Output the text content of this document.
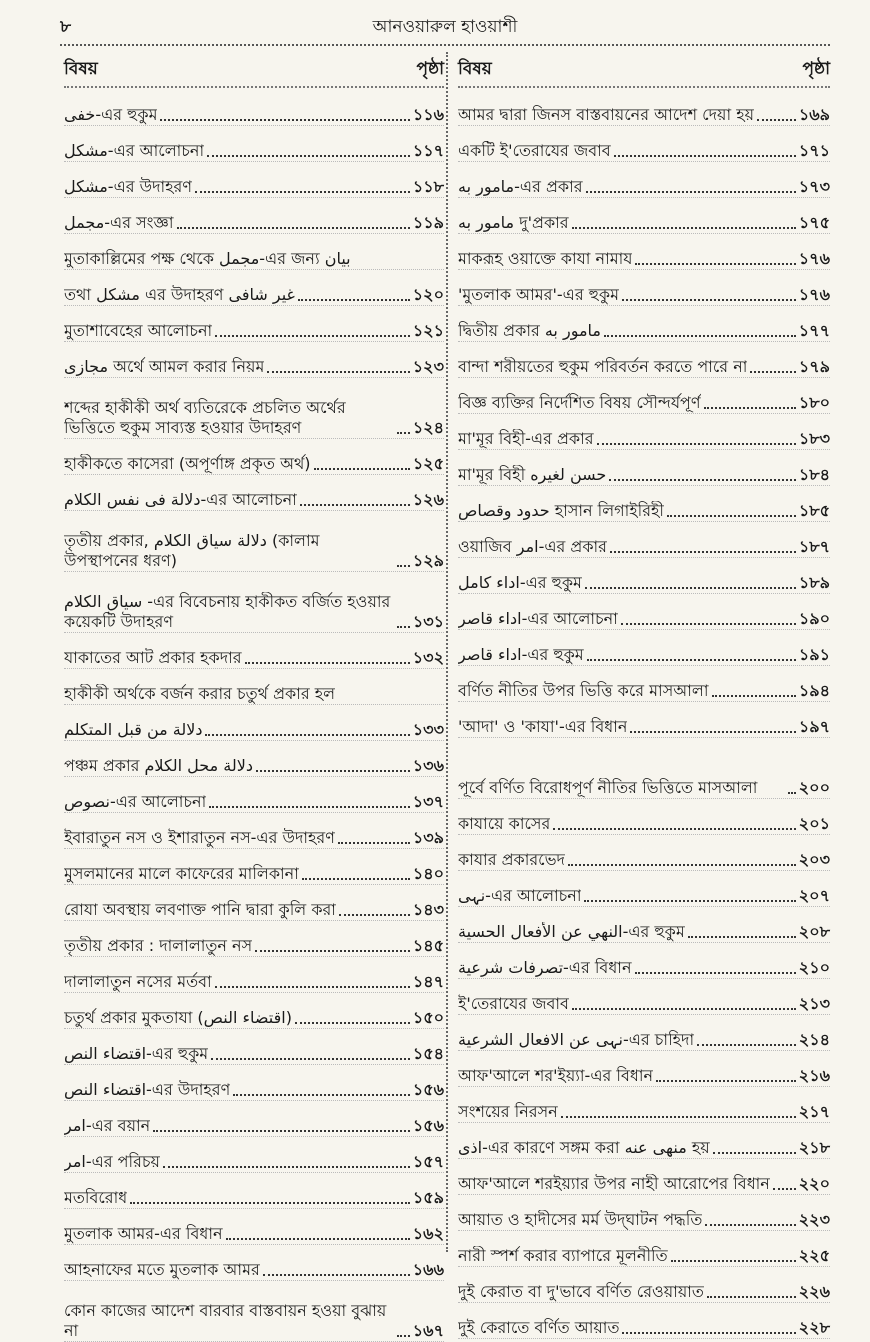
৮	আনওয়ারুল হাওয়াশী
বিষয়	পৃষ্ঠা
خفی-এর হুকুম	১১৬
مشکل-এর আলোচনা	১১৭
مشکل-এর উদাহরণ	১১৮
مجمل-এর সংজ্ঞা	১১৯
মুতাকাল্লিমের পক্ষ থেকে مجمل-এর জন্য بیان
তথা مشکل এর উদাহরণ غیر شافی	১২০
মুতাশাবেহের আলোচনা	১২১
مجازی অর্থে আমল করার নিয়ম	১২৩
শব্দের হাকীকী অর্থ ব্যতিরেকে প্রচলিত অর্থের ভিত্তিতে হুকুম সাব্যস্ত হওয়ার উদাহরণ	১২৪
হাকীকতে কাসেরা (অপূর্ণাঙ্গ প্রকৃত অর্থ)	১২৫
دلالة فی نفس الکلام-এর আলোচনা	১২৬
তৃতীয় প্রকার, دلالة سیاق الکلام (কালাম উপস্থাপনের ধরণ)	১২৯
سیاق الکلام -এর বিবেচনায় হাকীকত বর্জিত হওয়ার কয়েকটি উদাহরণ	১৩১
যাকাতের আট প্রকার হকদার	১৩২
হাকীকী অর্থকে বর্জন করার চতুর্থ প্রকার হল
دلالة من قبل المتکلم	১৩৩
পঞ্চম প্রকার دلالة محل الکلام	১৩৬
نصوص-এর আলোচনা	১৩৭
ইবারাতুন নস ও ইশারাতুন নস-এর উদাহরণ	১৩৯
মুসলমানের মালে কাফেরের মালিকানা	১৪০
রোযা অবস্থায় লবণাক্ত পানি দ্বারা কুলি করা	১৪৩
তৃতীয় প্রকার : দালালাতুন নস	১৪৫
দালালাতুন নসের মর্তবা	১৪৭
চতুর্থ প্রকার মুকতাযা (اقتضاء النص)	১৫০
اقتضاء النص-এর হুকুম	১৫৪
اقتضاء النص-এর উদাহরণ	১৫৬
امر-এর বয়ান	১৫৬
امر-এর পরিচয়	১৫৭
মতবিরোধ	১৫৯
মুতলাক আমর-এর বিধান	১৬২
আহনাফের মতে মুতলাক আমর	১৬৬
কোন কাজের আদেশ বারবার বাস্তবায়ন হওয়া বুঝায় না	১৬৭
বিষয়	পৃষ্ঠা
আমর দ্বারা জিনস বাস্তবায়নের আদেশ দেয়া হয়	১৬৯
একটি ই'তেরাযের জবাব	১৭১
مامور به-এর প্রকার	১৭৩
مامور به দু'প্রকার	১৭৫
মাকরূহ ওয়াক্তে কাযা নামায	১৭৬
'মুতলাক আমর'-এর হুকুম	১৭৬
দ্বিতীয় প্রকার مامور به	১৭৭
বান্দা শরীয়তের হুকুম পরিবর্তন করতে পারে না	১৭৯
বিজ্ঞ ব্যক্তির নির্দেশিত বিষয় সৌন্দর্যপূর্ণ	১৮০
মা'মূর বিহী-এর প্রকার	১৮৩
মা'মূর বিহী حسن لغيره	১৮৪
حدود وقصاص হাসান লিগাইরিহী	১৮৫
ওয়াজিব امر-এর প্রকার	১৮৭
اداء کامل-এর হুকুম	১৮৯
اداء قاصر-এর আলোচনা	১৯০
اداء قاصر-এর হুকুম	১৯১
বর্ণিত নীতির উপর ভিত্তি করে মাসআলা	১৯৪
'আদা' ও 'কাযা'-এর বিধান	১৯৭
পূর্বে বর্ণিত বিরোধপূর্ণ নীতির ভিত্তিতে মাসআলা	২০০
কাযায়ে কাসের	২০১
কাযার প্রকারভেদ	২০৩
نہی-এর আলোচনা	২০৭
النهي عن الأفعال الحسية-এর হুকুম	২০৮
تصرفات شرعية-এর বিধান	২১০
ই'তেরাযের জবাব	২১৩
نہی عن الافعال الشرعیة-এর চাহিদা	২১৪
আফ'আলে শর'ইয়্যা-এর বিধান	২১৬
সংশয়ের নিরসন	২১৭
اذى-এর কারণে সঙ্গম করা منهى عنه হয়	২১৮
আফ'আলে শরইয়্যার উপর নাহী আরোপের বিধান ২২০
আয়াত ও হাদীসের মর্ম উদ্‌ঘাটন পদ্ধতি	২২৩
নারী স্পর্শ করার ব্যাপারে মূলনীতি	২২৫
দুই কেরাত বা দু'ভাবে বর্ণিত রেওয়ায়াত	২২৬
দুই কেরাতে বর্ণিত আয়াত	২২৮
